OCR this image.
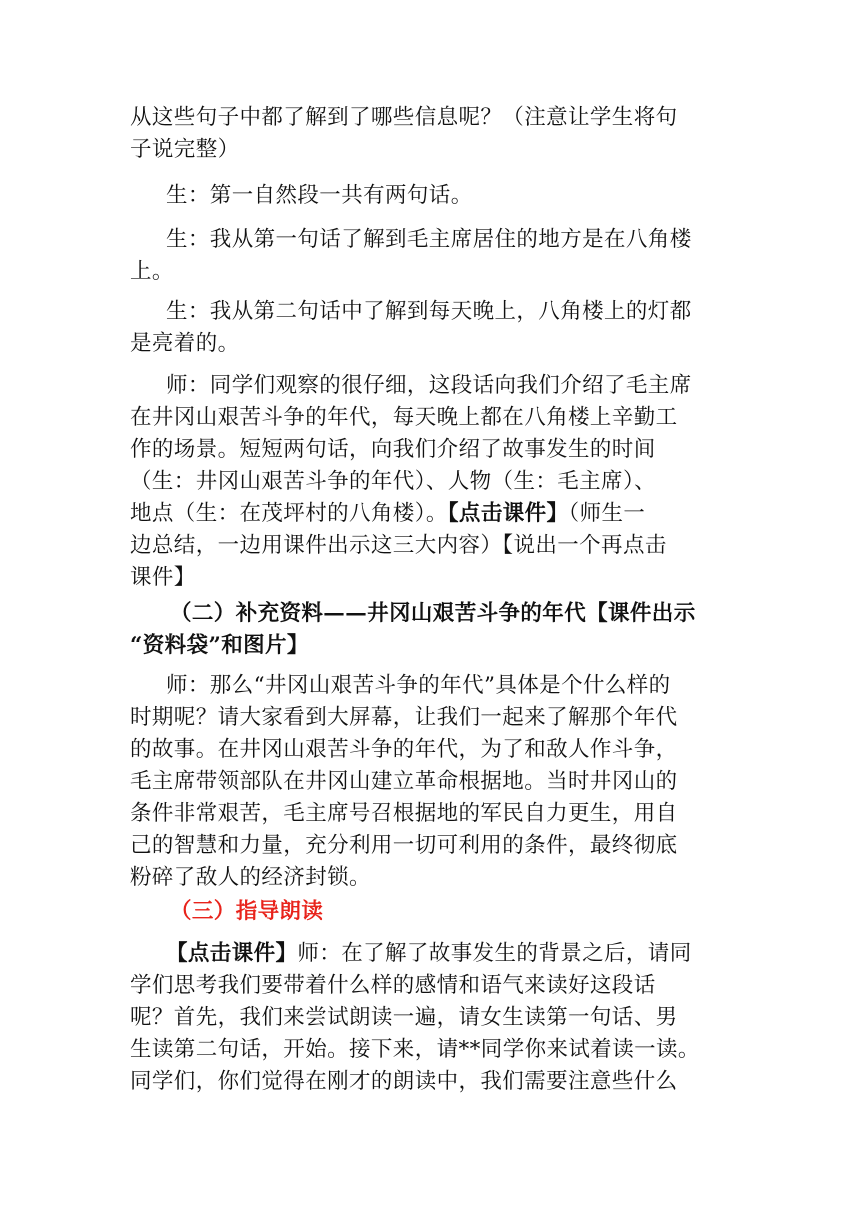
从这些句子中都了解到了哪些信息呢？（注意让学生将句
子说完整）
生：第一自然段一共有两句话。
生：我从第一句话了解到毛主席居住的地方是在八角楼
上。
生：我从第二句话中了解到每天晚上，八角楼上的灯都
是亮着的。
师：同学们观察的很仔细，这段话向我们介绍了毛主席
在井冈山艰苦斗争的年代，每天晚上都在八角楼上辛勤工
作的场景。短短两句话，向我们介绍了故事发生的时间
（生：井冈山艰苦斗争的年代）、人物（生：毛主席）、
地点（生：在茂坪村的八角楼）。【点击课件】（师生一
边总结，一边用课件出示这三大内容）【说出一个再点击
课件】
（二）补充资料——井冈山艰苦斗争的年代【课件出示
“资料袋”和图片】
师：那么“井冈山艰苦斗争的年代”具体是个什么样的
时期呢？请大家看到大屏幕，让我们一起来了解那个年代
的故事。在井冈山艰苦斗争的年代，为了和敌人作斗争，
毛主席带领部队在井冈山建立革命根据地。当时井冈山的
条件非常艰苦，毛主席号召根据地的军民自力更生，用自
己的智慧和力量，充分利用一切可利用的条件，最终彻底
粉碎了敌人的经济封锁。
（三）指导朗读
【点击课件】师：在了解了故事发生的背景之后，请同
学们思考我们要带着什么样的感情和语气来读好这段话
呢？首先，我们来尝试朗读一遍，请女生读第一句话、男
生读第二句话，开始。接下来，请**同学你来试着读一读。
同学们，你们觉得在刚才的朗读中，我们需要注意些什么
